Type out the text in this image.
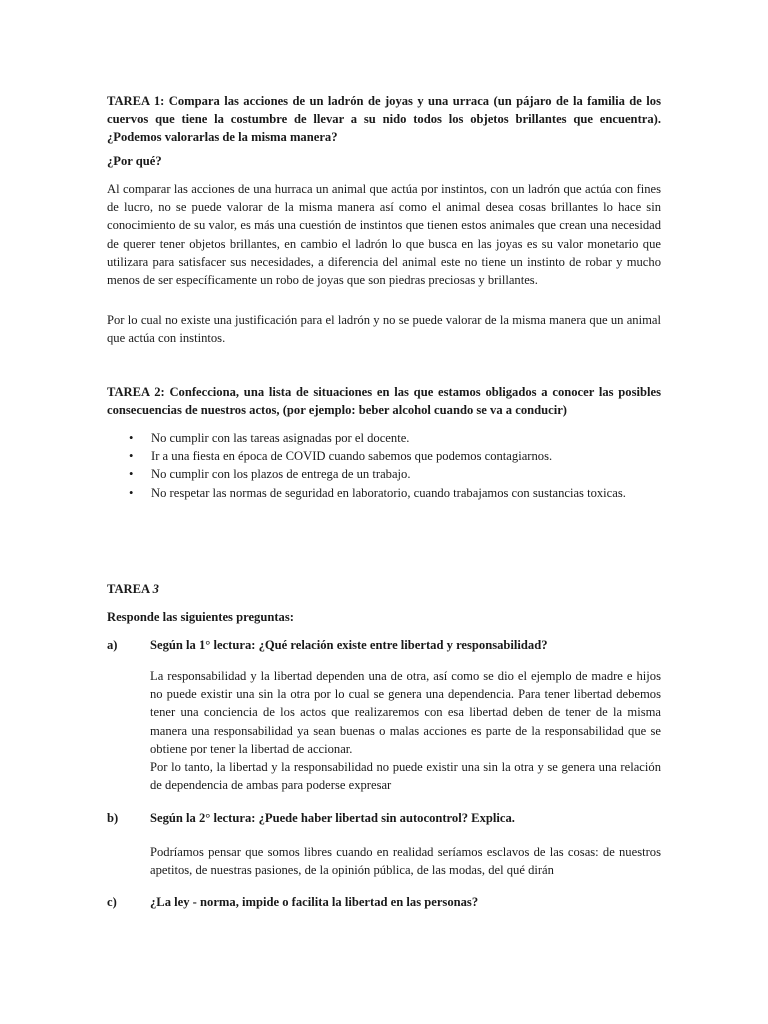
TAREA 1: Compara las acciones de un ladrón de joyas y una urraca (un pájaro de la familia de los cuervos que tiene la costumbre de llevar a su nido todos los objetos brillantes que encuentra). ¿Podemos valorarlas de la misma manera?

¿Por qué?

Al comparar las acciones de una hurraca un animal que actúa por instintos, con un ladrón que actúa con fines de lucro, no se puede valorar de la misma manera así como el animal desea cosas brillantes lo hace sin conocimiento de su valor, es más una cuestión de instintos que tienen estos animales que crean una necesidad de querer tener objetos brillantes, en cambio el ladrón lo que busca en las joyas es su valor monetario que utilizara para satisfacer sus necesidades, a diferencia del animal este no tiene un instinto de robar y mucho menos de ser específicamente un robo de joyas que son piedras preciosas y brillantes.

Por lo cual no existe una justificación para el ladrón y no se puede valorar de la misma manera que un animal que actúa con instintos.

TAREA 2: Confecciona, una lista de situaciones en las que estamos obligados a conocer las posibles consecuencias de nuestros actos, (por ejemplo: beber alcohol cuando se va a conducir)

• No cumplir con las tareas asignadas por el docente.
• Ir a una fiesta en época de COVID cuando sabemos que podemos contagiarnos.
• No cumplir con los plazos de entrega de un trabajo.
• No respetar las normas de seguridad en laboratorio, cuando trabajamos con sustancias toxicas.

TAREA 3

Responde las siguientes preguntas:

a)	Según la 1° lectura: ¿Qué relación existe entre libertad y responsabilidad?

La responsabilidad y la libertad dependen una de otra, así como se dio el ejemplo de madre e hijos no puede existir una sin la otra por lo cual se genera una dependencia. Para tener libertad debemos tener una conciencia de los actos que realizaremos con esa libertad deben de tener de la misma manera una responsabilidad ya sean buenas o malas acciones es parte de la responsabilidad que se obtiene por tener la libertad de accionar.

Por lo tanto, la libertad y la responsabilidad no puede existir una sin la otra y se genera una relación de dependencia de ambas para poderse expresar

b)	Según la 2° lectura: ¿Puede haber libertad sin autocontrol? Explica.

Podríamos pensar que somos libres cuando en realidad seríamos esclavos de las cosas: de nuestros apetitos, de nuestras pasiones, de la opinión pública, de las modas, del qué dirán

c)	¿La ley - norma, impide o facilita la libertad en las personas?
